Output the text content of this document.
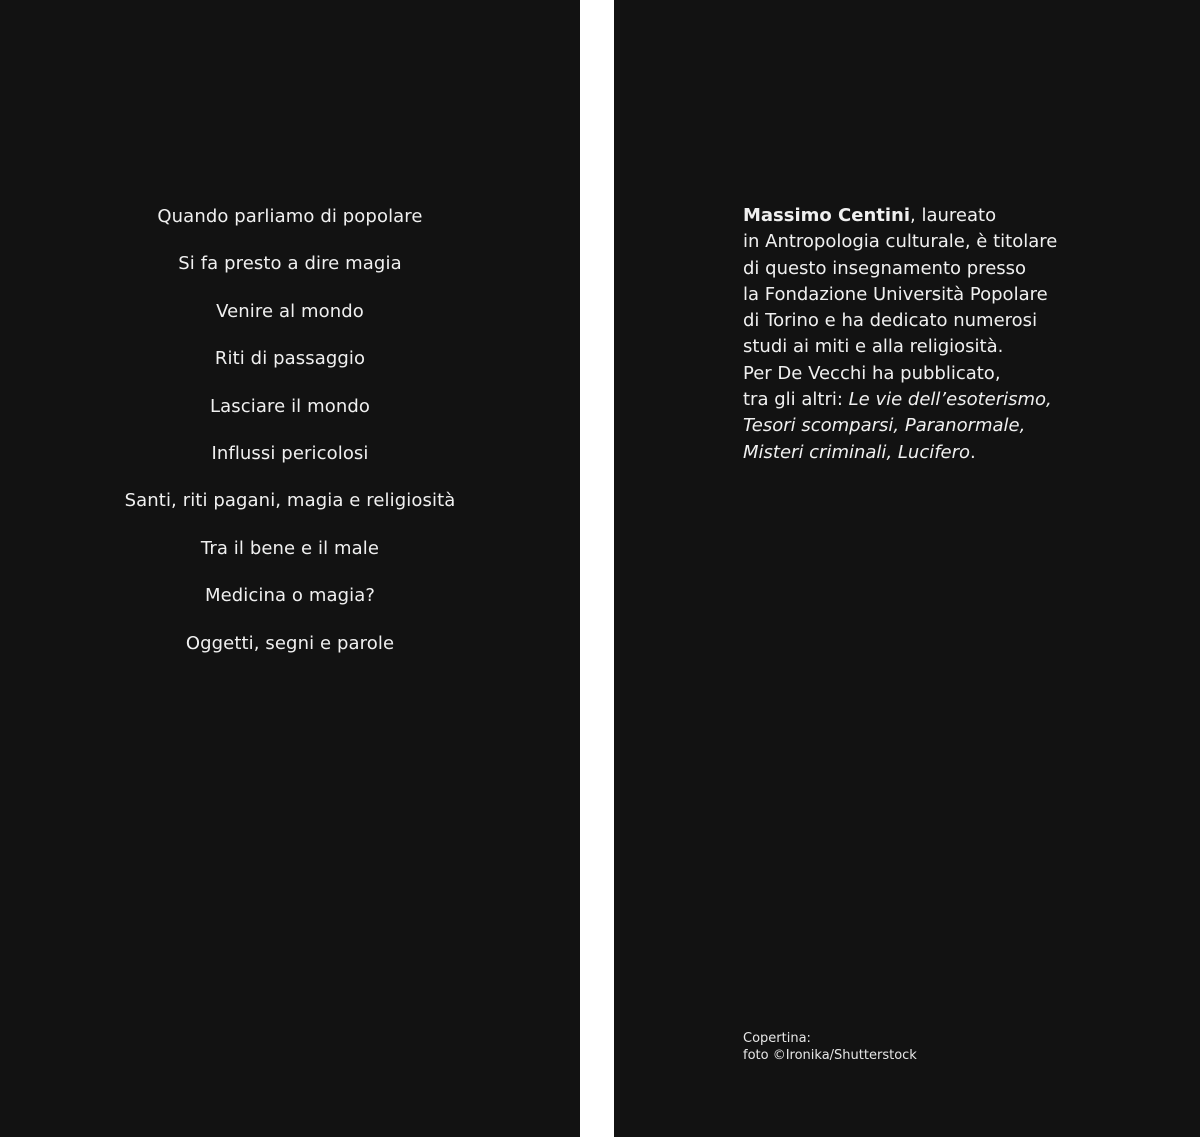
Quando parliamo di popolare
Si fa presto a dire magia
Venire al mondo
Riti di passaggio
Lasciare il mondo
Influssi pericolosi
Santi, riti pagani, magia e religiosità
Tra il bene e il male
Medicina o magia?
Oggetti, segni e parole

Massimo Centini, laureato
in Antropologia culturale, è titolare
di questo insegnamento presso
la Fondazione Università Popolare
di Torino e ha dedicato numerosi
studi ai miti e alla religiosità.
Per De Vecchi ha pubblicato,
tra gli altri: Le vie dell’esoterismo,
Tesori scomparsi, Paranormale,
Misteri criminali, Lucifero.

Copertina:
foto ©Ironika/Shutterstock
